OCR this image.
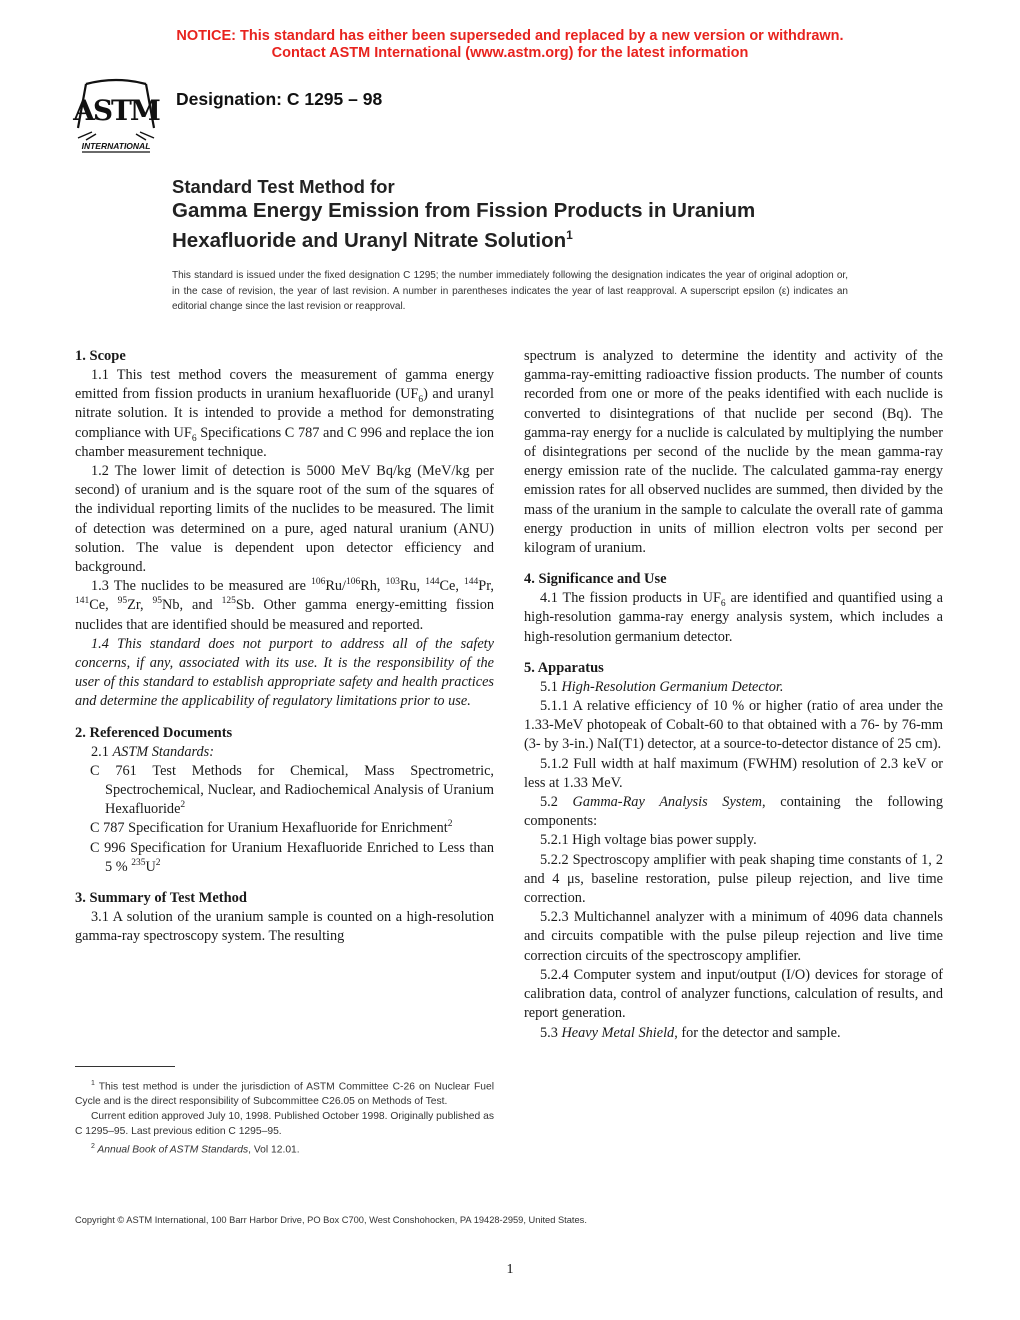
NOTICE: This standard has either been superseded and replaced by a new version or withdrawn.
Contact ASTM International (www.astm.org) for the latest information
ASTM
INTERNATIONAL
Designation: C 1295 – 98
Standard Test Method for
Gamma Energy Emission from Fission Products in Uranium
Hexafluoride and Uranyl Nitrate Solution$^1$
This standard is issued under the fixed designation C 1295; the number immediately following the designation indicates the year of original adoption or, in the case of revision, the year of last revision. A number in parentheses indicates the year of last reapproval. A superscript epsilon (ε) indicates an editorial change since the last revision or reapproval.
1. Scope

1.1 This test method covers the measurement of gamma energy emitted from fission products in uranium hexafluoride $(UF_6)$ and uranyl nitrate solution. It is intended to provide a method for demonstrating compliance with $UF_6$ Specifications C 787 and C 996 and replace the ion chamber measurement technique.

1.2 The lower limit of detection is 5000 MeV Bq/kg (MeV/kg per second) of uranium and is the square root of the sum of the squares of the individual reporting limits of the nuclides to be measured. The limit of detection was determined on a pure, aged natural uranium (ANU) solution. The value is dependent upon detector efficiency and background.

1.3 The nuclides to be measured are $^{106}$Ru/$^{106}$Rh, $^{103}$Ru, $^{144}$Ce, $^{144}$Pr, $^{141}$Ce, $^{95}$Zr, $^{95}$Nb, and $^{125}$Sb. Other gamma energy-emitting fission nuclides that are identified should be measured and reported.

1.4 This standard does not purport to address all of the safety concerns, if any, associated with its use. It is the responsibility of the user of this standard to establish appropriate safety and health practices and determine the applicability of regulatory limitations prior to use.

2. Referenced Documents

2.1 ASTM Standards:

C 761 Test Methods for Chemical, Mass Spectrometric, Spectrochemical, Nuclear, and Radiochemical Analysis of Uranium Hexafluoride$^2$

C 787 Specification for Uranium Hexafluoride for Enrichment$^2$

C 996 Specification for Uranium Hexafluoride Enriched to Less than 5 % $^{235}U^2$

3. Summary of Test Method

3.1 A solution of the uranium sample is counted on a high-resolution gamma-ray spectroscopy system. The resulting

spectrum is analyzed to determine the identity and activity of the gamma-ray-emitting radioactive fission products. The number of counts recorded from one or more of the peaks identified with each nuclide is converted to disintegrations of that nuclide per second (Bq). The gamma-ray energy for a nuclide is calculated by multiplying the number of disintegrations per second of the nuclide by the mean gamma-ray energy emission rate of the nuclide. The calculated gamma-ray energy emission rates for all observed nuclides are summed, then divided by the mass of the uranium in the sample to calculate the overall rate of gamma energy production in units of million electron volts per second per kilogram of uranium.

4. Significance and Use

4.1 The fission products in $UF_6$ are identified and quantified using a high-resolution gamma-ray energy analysis system, which includes a high-resolution germanium detector.

5. Apparatus

5.1 High-Resolution Germanium Detector.

5.1.1 A relative efficiency of 10 % or higher (ratio of area under the 1.33-MeV photopeak of Cobalt-60 to that obtained with a 76- by 76-mm (3- by 3-in.) NaI(T1) detector, at a source-to-detector distance of 25 cm).

5.1.2 Full width at half maximum (FWHM) resolution of 2.3 keV or less at 1.33 MeV.

5.2 Gamma-Ray Analysis System, containing the following components:

5.2.1 High voltage bias power supply.

5.2.2 Spectroscopy amplifier with peak shaping time constants of 1, 2 and 4 μs, baseline restoration, pulse pileup rejection, and live time correction.

5.2.3 Multichannel analyzer with a minimum of 4096 data channels and circuits compatible with the pulse pileup rejection and live time correction circuits of the spectroscopy amplifier.

5.2.4 Computer system and input/output (I/O) devices for storage of calibration data, control of analyzer functions, calculation of results, and report generation.

5.3 Heavy Metal Shield, for the detector and sample.

$^1$ This test method is under the jurisdiction of ASTM Committee C-26 on Nuclear Fuel Cycle and is the direct responsibility of Subcommittee C26.05 on Methods of Test.

Current edition approved July 10, 1998. Published October 1998. Originally published as C 1295–95. Last previous edition C 1295–95.

$^2$ Annual Book of ASTM Standards, Vol 12.01.

Copyright © ASTM International, 100 Barr Harbor Drive, PO Box C700, West Conshohocken, PA 19428-2959, United States.
1
